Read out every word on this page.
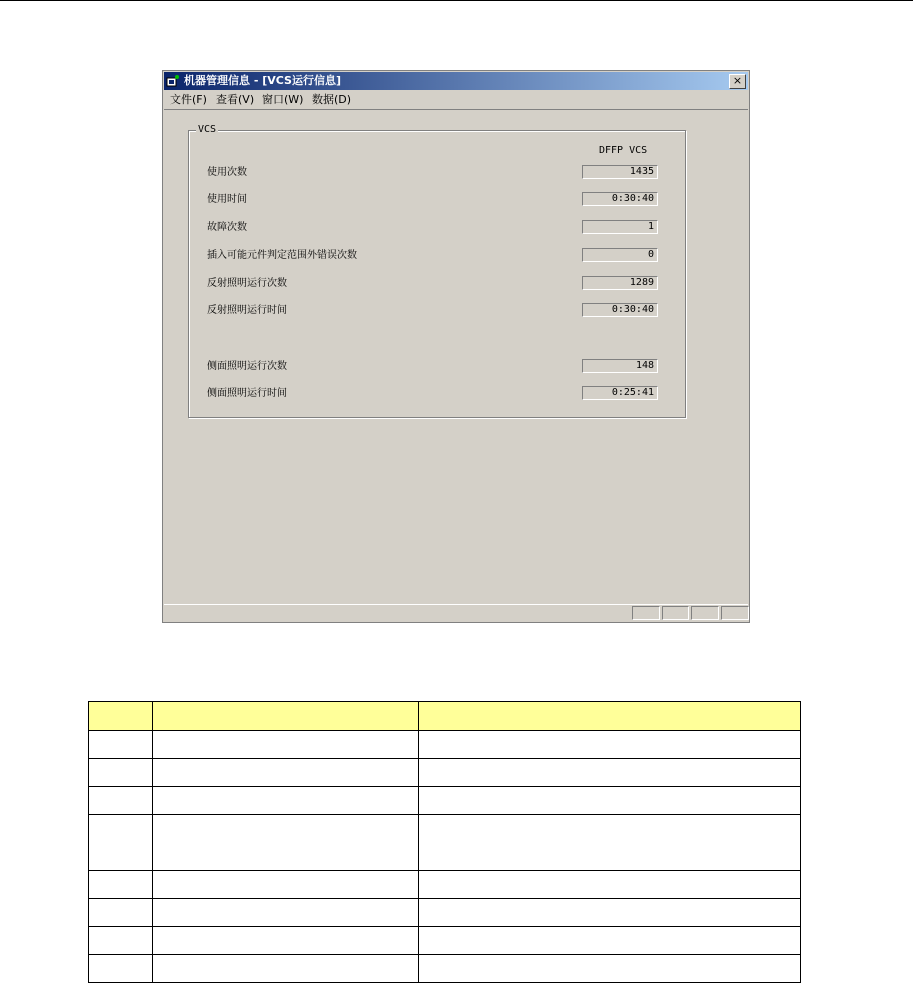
机器管理信息 - [VCS运行信息]	×
文件(F) 查看(V) 窗口(W) 数据(D)
VCS
DFFP VCS
使用次数	1435
使用时间	0:30:40
故障次数	1
插入可能元件判定范围外错误次数	0
反射照明运行次数	1289
反射照明运行时间	0:30:40
侧面照明运行次数	148
侧面照明运行时间	0:25:41
